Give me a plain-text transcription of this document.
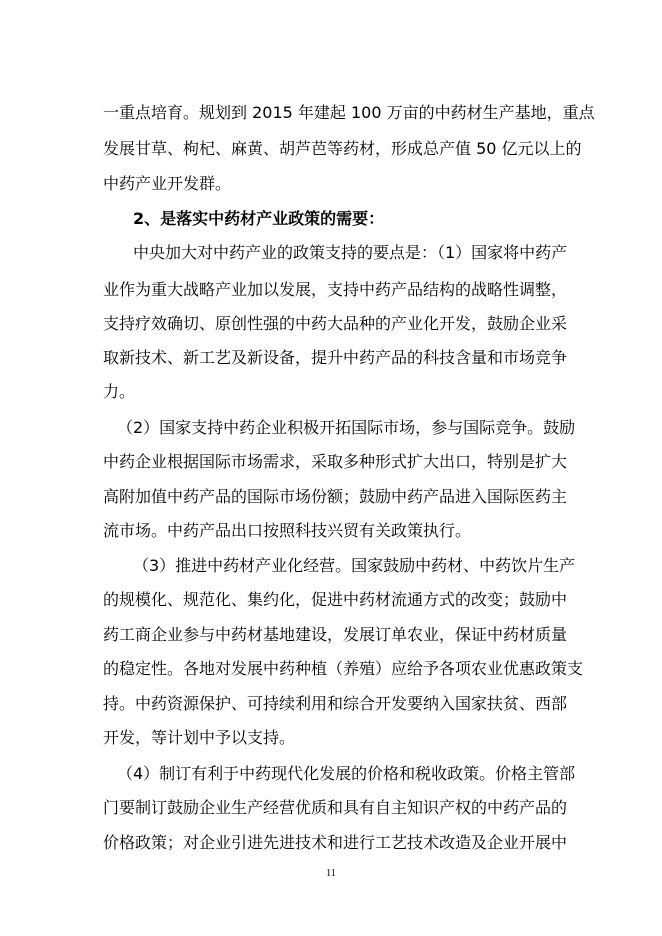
一重点培育。规划到 2015 年建起 100 万亩的中药材生产基地，重点
发展甘草、枸杞、麻黄、胡芦芭等药材，形成总产值 50 亿元以上的
中药产业开发群。
2、是落实中药材产业政策的需要：
中央加大对中药产业的政策支持的要点是：（1）国家将中药产
业作为重大战略产业加以发展，支持中药产品结构的战略性调整，
支持疗效确切、原创性强的中药大品种的产业化开发，鼓励企业采
取新技术、新工艺及新设备，提升中药产品的科技含量和市场竞争
力。
（2）国家支持中药企业积极开拓国际市场，参与国际竞争。鼓励
中药企业根据国际市场需求，采取多种形式扩大出口，特别是扩大
高附加值中药产品的国际市场份额；鼓励中药产品进入国际医药主
流市场。中药产品出口按照科技兴贸有关政策执行。
（3）推进中药材产业化经营。国家鼓励中药材、中药饮片生产
的规模化、规范化、集约化，促进中药材流通方式的改变；鼓励中
药工商企业参与中药材基地建设，发展订单农业，保证中药材质量
的稳定性。各地对发展中药种植（养殖）应给予各项农业优惠政策支
持。中药资源保护、可持续利用和综合开发要纳入国家扶贫、西部
开发，等计划中予以支持。
（4）制订有利于中药现代化发展的价格和税收政策。价格主管部
门要制订鼓励企业生产经营优质和具有自主知识产权的中药产品的
价格政策；对企业引进先进技术和进行工艺技术改造及企业开展中
11
